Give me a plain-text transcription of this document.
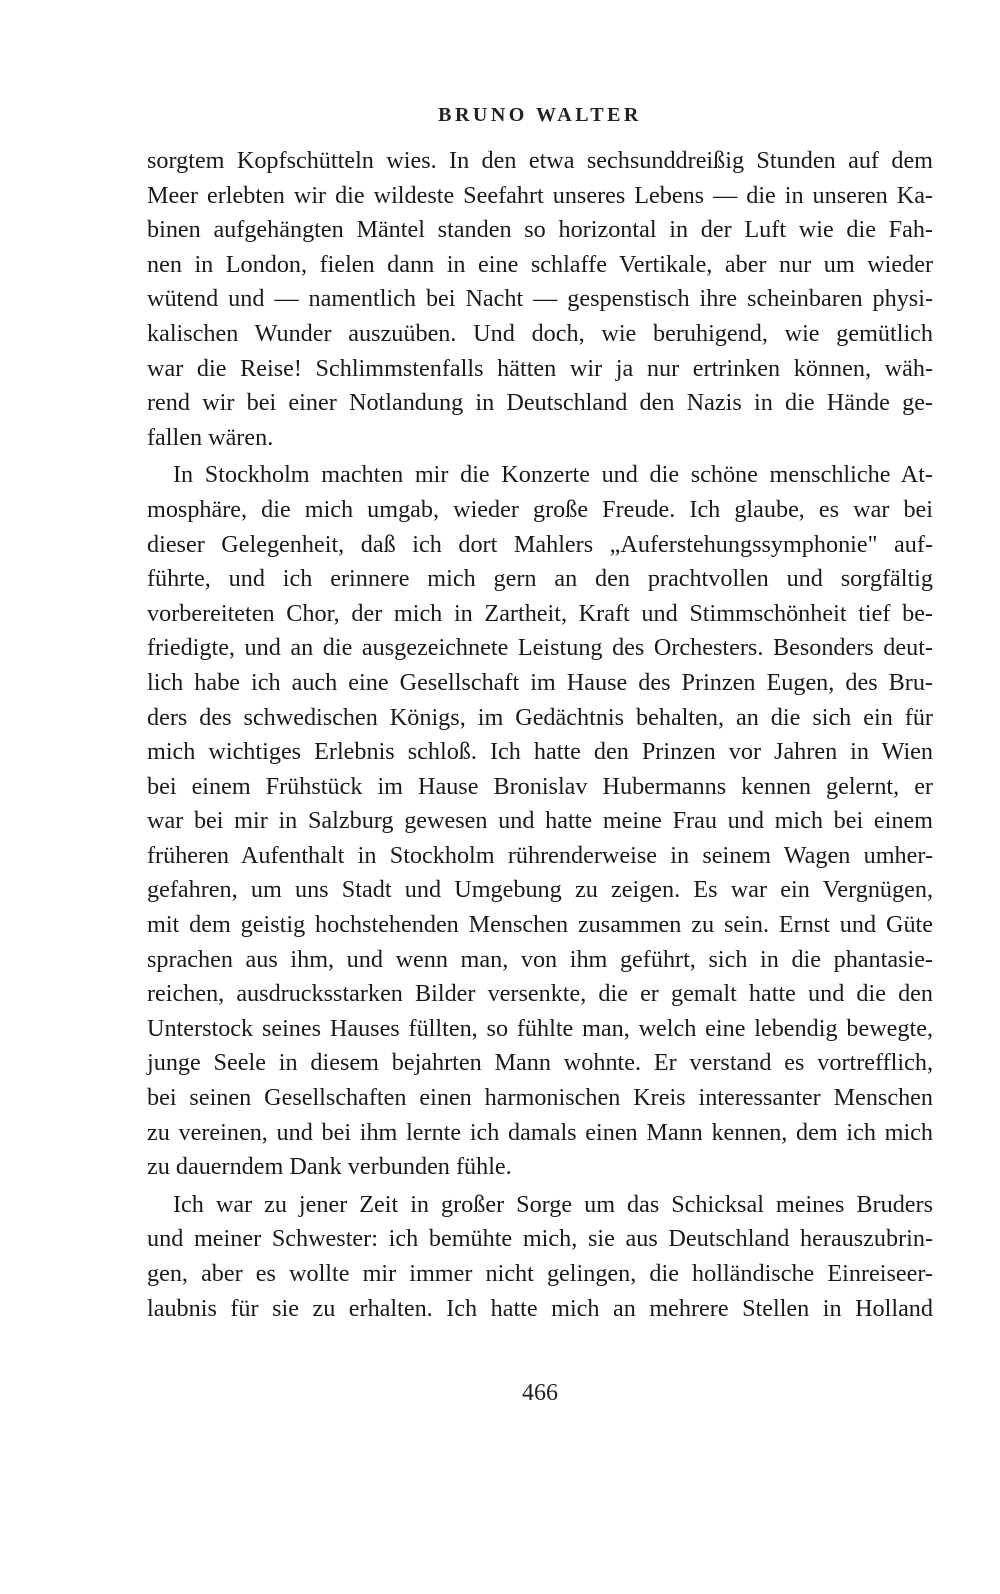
BRUNO WALTER
sorgtem Kopfschütteln wies. In den etwa sechsunddreißig Stunden auf dem
Meer erlebten wir die wildeste Seefahrt unseres Lebens — die in unseren Ka-
binen aufgehängten Mäntel standen so horizontal in der Luft wie die Fah-
nen in London, fielen dann in eine schlaffe Vertikale, aber nur um wieder
wütend und — namentlich bei Nacht — gespenstisch ihre scheinbaren physi-
kalischen Wunder auszuüben. Und doch, wie beruhigend, wie gemütlich
war die Reise! Schlimmstenfalls hätten wir ja nur ertrinken können, wäh-
rend wir bei einer Notlandung in Deutschland den Nazis in die Hände ge-
fallen wären.
In Stockholm machten mir die Konzerte und die schöne menschliche At-
mosphäre, die mich umgab, wieder große Freude. Ich glaube, es war bei
dieser Gelegenheit, daß ich dort Mahlers „Auferstehungssymphonie" auf-
führte, und ich erinnere mich gern an den prachtvollen und sorgfältig
vorbereiteten Chor, der mich in Zartheit, Kraft und Stimmschönheit tief be-
friedigte, und an die ausgezeichnete Leistung des Orchesters. Besonders deut-
lich habe ich auch eine Gesellschaft im Hause des Prinzen Eugen, des Bru-
ders des schwedischen Königs, im Gedächtnis behalten, an die sich ein für
mich wichtiges Erlebnis schloß. Ich hatte den Prinzen vor Jahren in Wien
bei einem Frühstück im Hause Bronislav Hubermanns kennen gelernt, er
war bei mir in Salzburg gewesen und hatte meine Frau und mich bei einem
früheren Aufenthalt in Stockholm rührenderweise in seinem Wagen umher-
gefahren, um uns Stadt und Umgebung zu zeigen. Es war ein Vergnügen,
mit dem geistig hochstehenden Menschen zusammen zu sein. Ernst und Güte
sprachen aus ihm, und wenn man, von ihm geführt, sich in die phantasie-
reichen, ausdrucksstarken Bilder versenkte, die er gemalt hatte und die den
Unterstock seines Hauses füllten, so fühlte man, welch eine lebendig bewegte,
junge Seele in diesem bejahrten Mann wohnte. Er verstand es vortrefflich,
bei seinen Gesellschaften einen harmonischen Kreis interessanter Menschen
zu vereinen, und bei ihm lernte ich damals einen Mann kennen, dem ich mich
zu dauerndem Dank verbunden fühle.
Ich war zu jener Zeit in großer Sorge um das Schicksal meines Bruders
und meiner Schwester: ich bemühte mich, sie aus Deutschland herauszubrin-
gen, aber es wollte mir immer nicht gelingen, die holländische Einreiseer-
laubnis für sie zu erhalten. Ich hatte mich an mehrere Stellen in Holland
466
